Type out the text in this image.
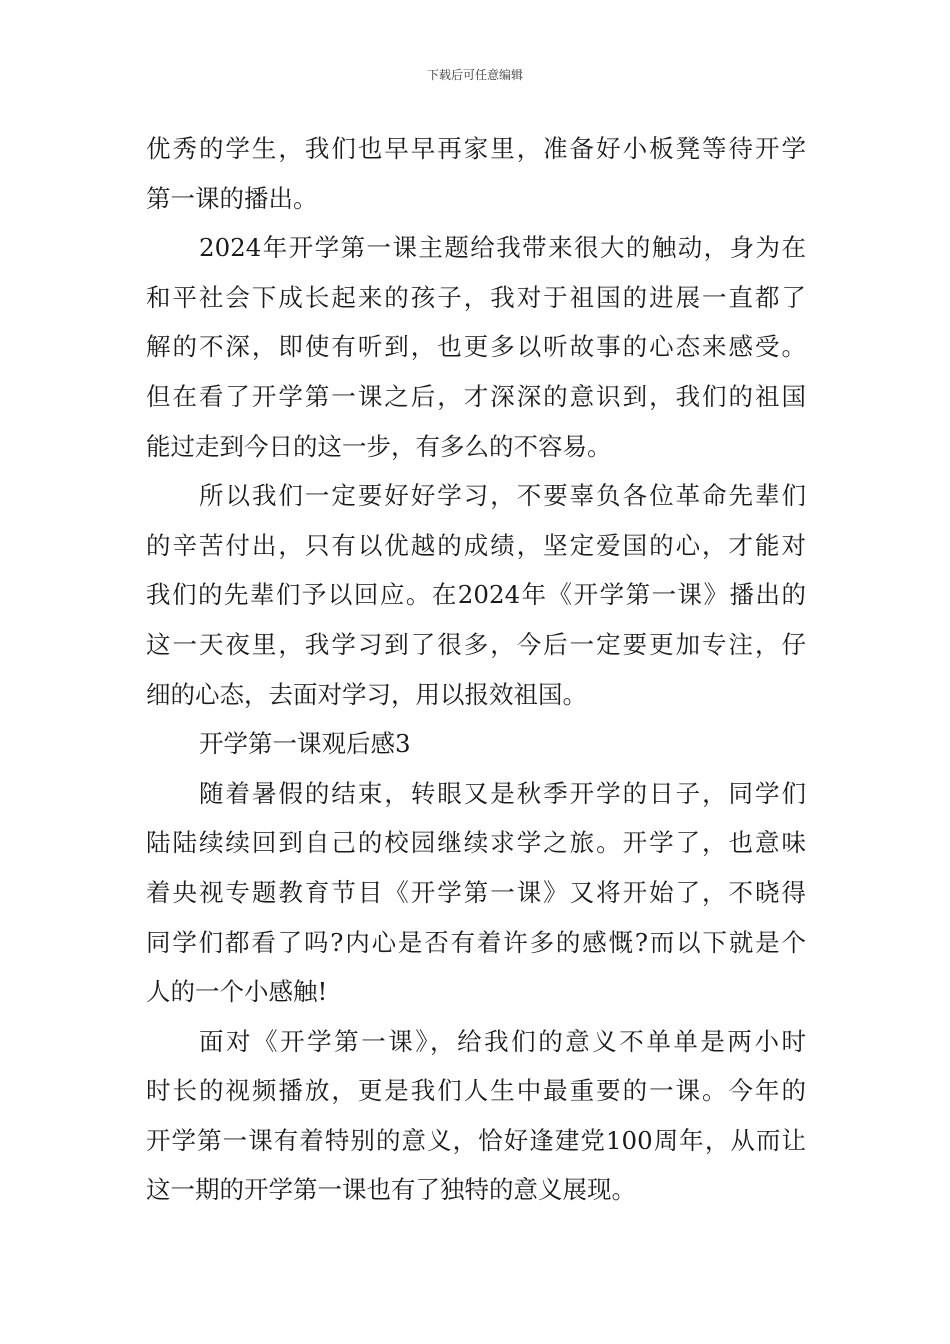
下载后可任意编辑
优秀的学生，我们也早早再家里，准备好小板凳等待开学
第一课的播出。
2024年开学第一课主题给我带来很大的触动，身为在
和平社会下成长起来的孩子，我对于祖国的进展一直都了
解的不深，即使有听到，也更多以听故事的心态来感受。
但在看了开学第一课之后，才深深的意识到，我们的祖国
能过走到今日的这一步，有多么的不容易。
所以我们一定要好好学习，不要辜负各位革命先辈们
的辛苦付出，只有以优越的成绩，坚定爱国的心，才能对
我们的先辈们予以回应。在2024年《开学第一课》播出的
这一天夜里，我学习到了很多，今后一定要更加专注，仔
细的心态，去面对学习，用以报效祖国。
开学第一课观后感3
随着暑假的结束，转眼又是秋季开学的日子，同学们
陆陆续续回到自己的校园继续求学之旅。开学了，也意味
着央视专题教育节目《开学第一课》又将开始了，不晓得
同学们都看了吗?内心是否有着许多的感慨?而以下就是个
人的一个小感触!
面对《开学第一课》，给我们的意义不单单是两小时
时长的视频播放，更是我们人生中最重要的一课。今年的
开学第一课有着特别的意义，恰好逢建党100周年，从而让
这一期的开学第一课也有了独特的意义展现。
